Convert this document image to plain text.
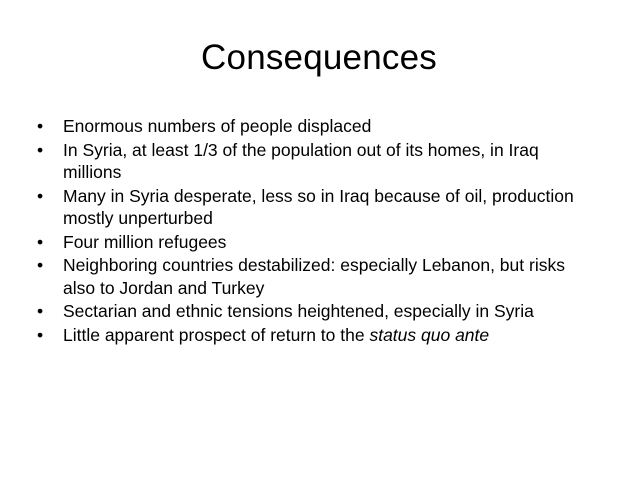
Consequences
•	Enormous numbers of people displaced
•	In Syria, at least 1/3 of the population out of its homes, in Iraq millions
•	Many in Syria desperate, less so in Iraq because of oil, production mostly unperturbed
•	Four million refugees
•	Neighboring countries destabilized: especially Lebanon, but risks also to Jordan and Turkey
•	Sectarian and ethnic tensions heightened, especially in Syria
•	Little apparent prospect of return to the status quo ante
